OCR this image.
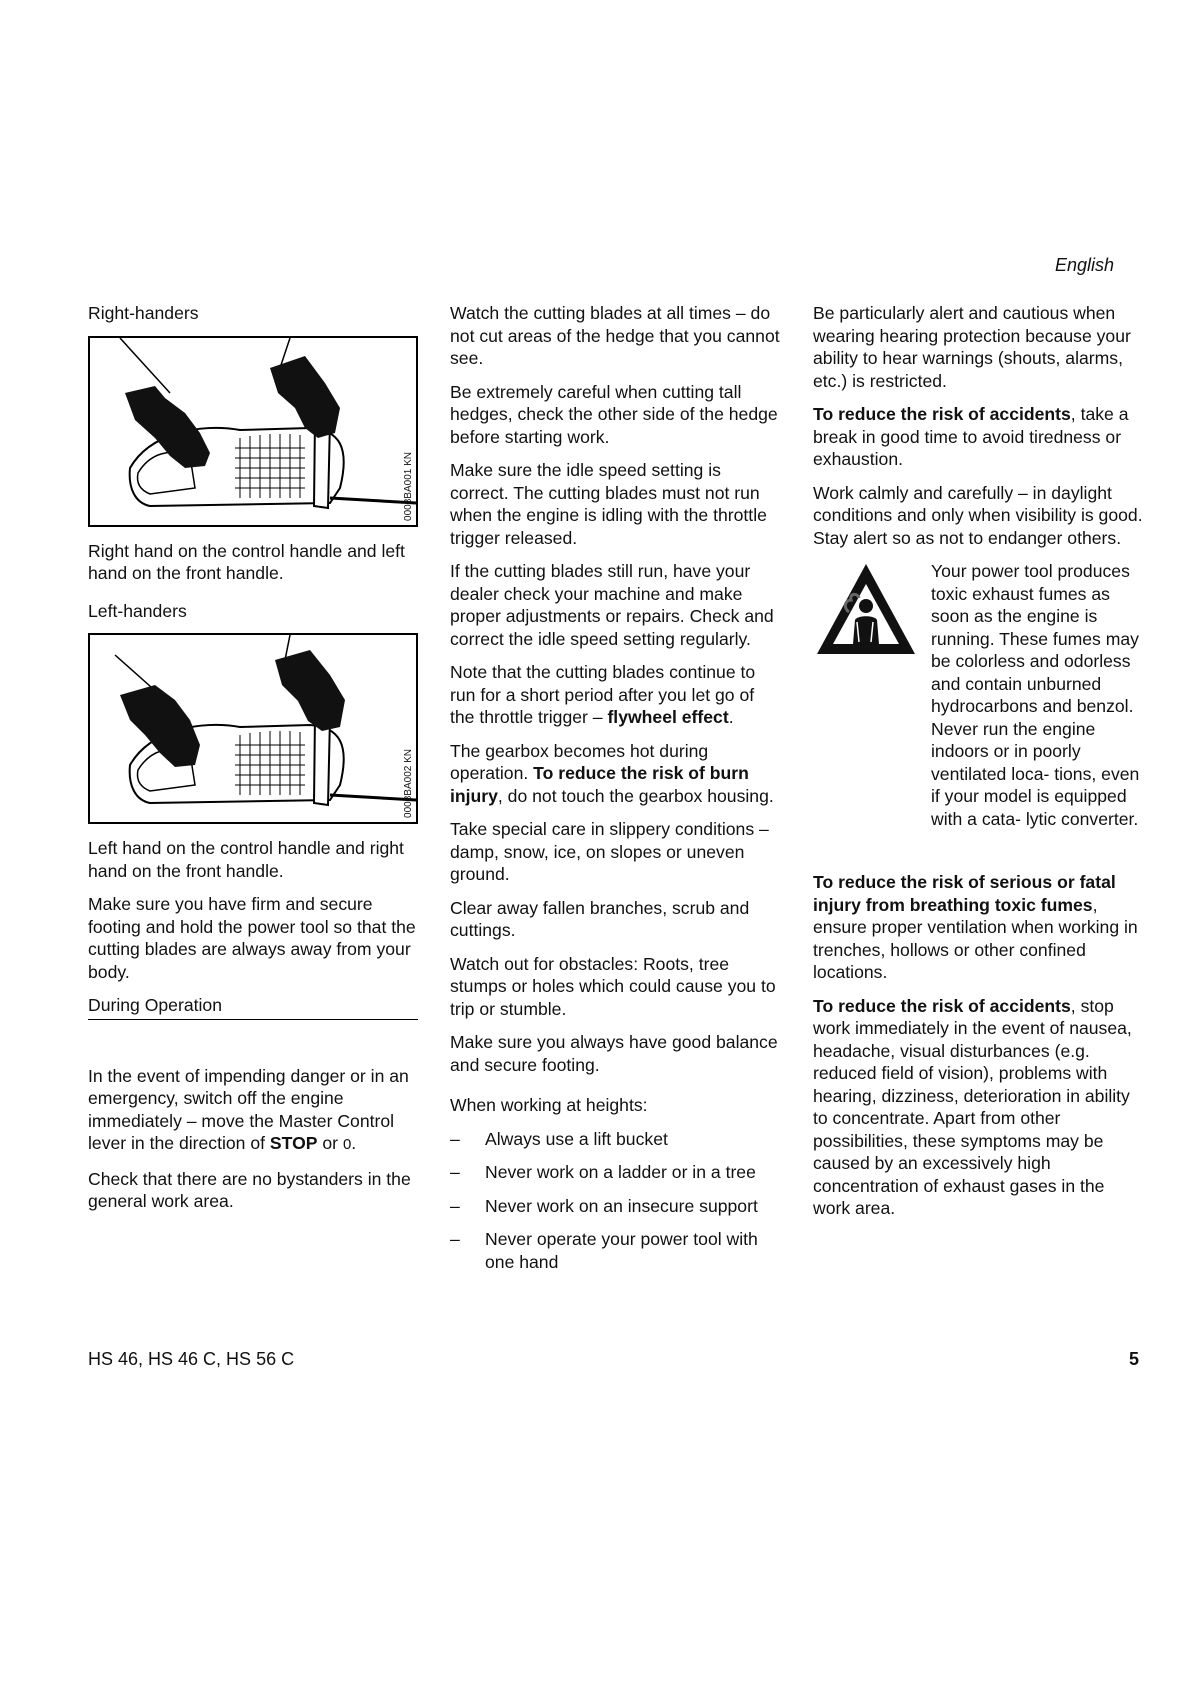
English
Right-handers
0008BA001 KN

Right hand on the control handle and left hand on the front handle.

Left-handers
0008BA002 KN

Left hand on the control handle and right hand on the front handle.

Make sure you have firm and secure footing and hold the power tool so that the cutting blades are always away from your body.

During Operation

In the event of impending danger or in an emergency, switch off the engine immediately – move the Master Control lever in the direction of STOP or 0.

Check that there are no bystanders in the general work area.

Watch the cutting blades at all times – do not cut areas of the hedge that you cannot see.

Be extremely careful when cutting tall hedges, check the other side of the hedge before starting work.

Make sure the idle speed setting is correct. The cutting blades must not run when the engine is idling with the throttle trigger released.

If the cutting blades still run, have your dealer check your machine and make proper adjustments or repairs. Check and correct the idle speed setting regularly.

Note that the cutting blades continue to run for a short period after you let go of the throttle trigger – flywheel effect.

The gearbox becomes hot during operation. To reduce the risk of burn injury, do not touch the gearbox housing.

Take special care in slippery conditions – damp, snow, ice, on slopes or uneven ground.

Clear away fallen branches, scrub and cuttings.

Watch out for obstacles: Roots, tree stumps or holes which could cause you to trip or stumble.

Make sure you always have good balance and secure footing.

When working at heights:
– Always use a lift bucket
– Never work on a ladder or in a tree
– Never work on an insecure support
– Never operate your power tool with one hand

Be particularly alert and cautious when wearing hearing protection because your ability to hear warnings (shouts, alarms, etc.) is restricted.

To reduce the risk of accidents, take a break in good time to avoid tiredness or exhaustion.

Work calmly and carefully – in daylight conditions and only when visibility is good. Stay alert so as not to endanger others.

Your power tool produces toxic exhaust fumes as soon as the engine is running. These fumes may be colorless and odorless and contain unburned hydrocarbons and benzol. Never run the engine indoors or in poorly ventilated loca- tions, even if your model is equipped with a cata- lytic converter.

To reduce the risk of serious or fatal injury from breathing toxic fumes, ensure proper ventilation when working in trenches, hollows or other confined locations.

To reduce the risk of accidents, stop work immediately in the event of nausea, headache, visual disturbances (e.g. reduced field of vision), problems with hearing, dizziness, deterioration in ability to concentrate. Apart from other possibilities, these symptoms may be caused by an excessively high concentration of exhaust gases in the work area.

HS 46, HS 46 C, HS 56 C	5
